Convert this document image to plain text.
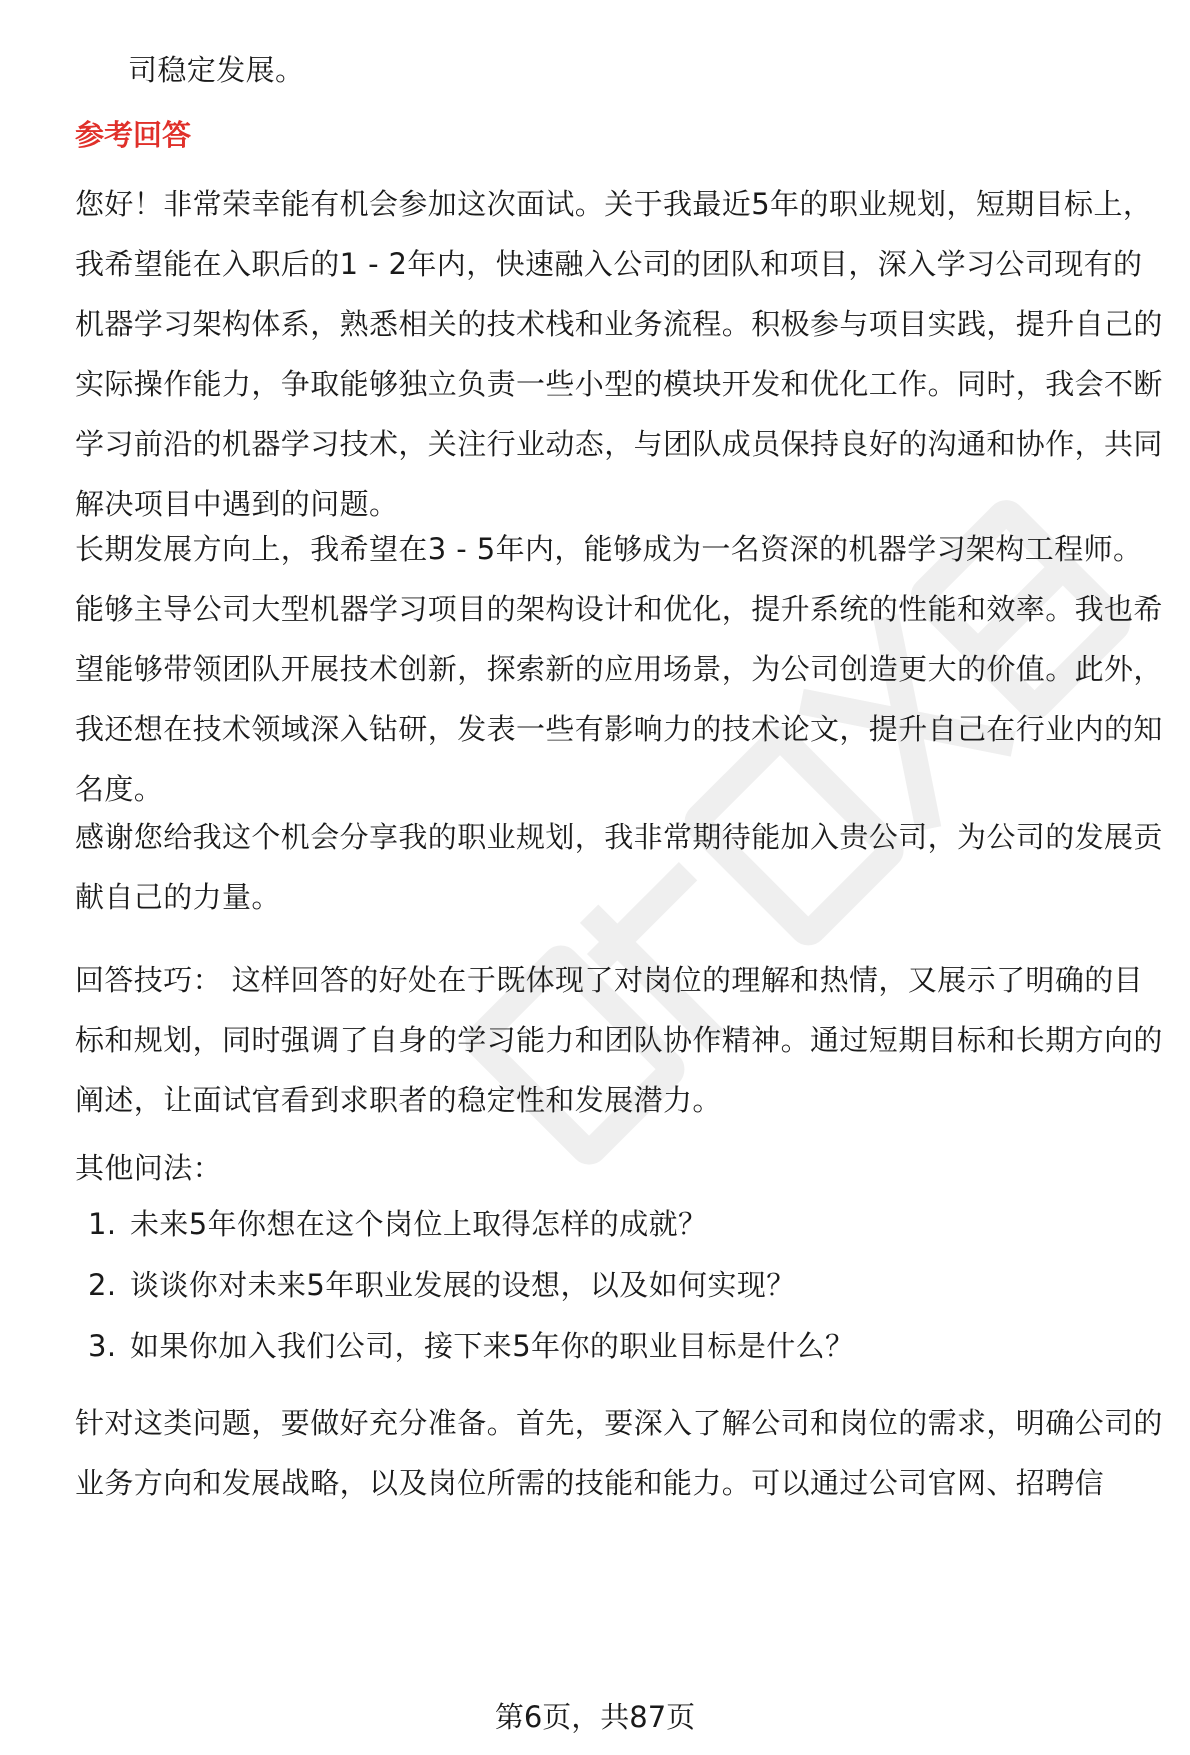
司稳定发展。

参考回答

您好！非常荣幸能有机会参加这次面试。关于我最近5年的职业规划，短期目标上，我希望能在入职后的1 - 2年内，快速融入公司的团队和项目，深入学习公司现有的机器学习架构体系，熟悉相关的技术栈和业务流程。积极参与项目实践，提升自己的实际操作能力，争取能够独立负责一些小型的模块开发和优化工作。同时，我会不断学习前沿的机器学习技术，关注行业动态，与团队成员保持良好的沟通和协作，共同解决项目中遇到的问题。

长期发展方向上，我希望在3 - 5年内，能够成为一名资深的机器学习架构工程师。能够主导公司大型机器学习项目的架构设计和优化，提升系统的性能和效率。我也希望能够带领团队开展技术创新，探索新的应用场景，为公司创造更大的价值。此外，我还想在技术领域深入钻研，发表一些有影响力的技术论文，提升自己在行业内的知名度。

感谢您给我这个机会分享我的职业规划，我非常期待能加入贵公司，为公司的发展贡献自己的力量。

回答技巧： 这样回答的好处在于既体现了对岗位的理解和热情，又展示了明确的目标和规划，同时强调了自身的学习能力和团队协作精神。通过短期目标和长期方向的阐述，让面试官看到求职者的稳定性和发展潜力。

其他问法：

1. 未来5年你想在这个岗位上取得怎样的成就？
2. 谈谈你对未来5年职业发展的设想，以及如何实现？
3. 如果你加入我们公司，接下来5年你的职业目标是什么？

针对这类问题，要做好充分准备。首先，要深入了解公司和岗位的需求，明确公司的业务方向和发展战略，以及岗位所需的技能和能力。可以通过公司官网、招聘信

第6页，共87页
